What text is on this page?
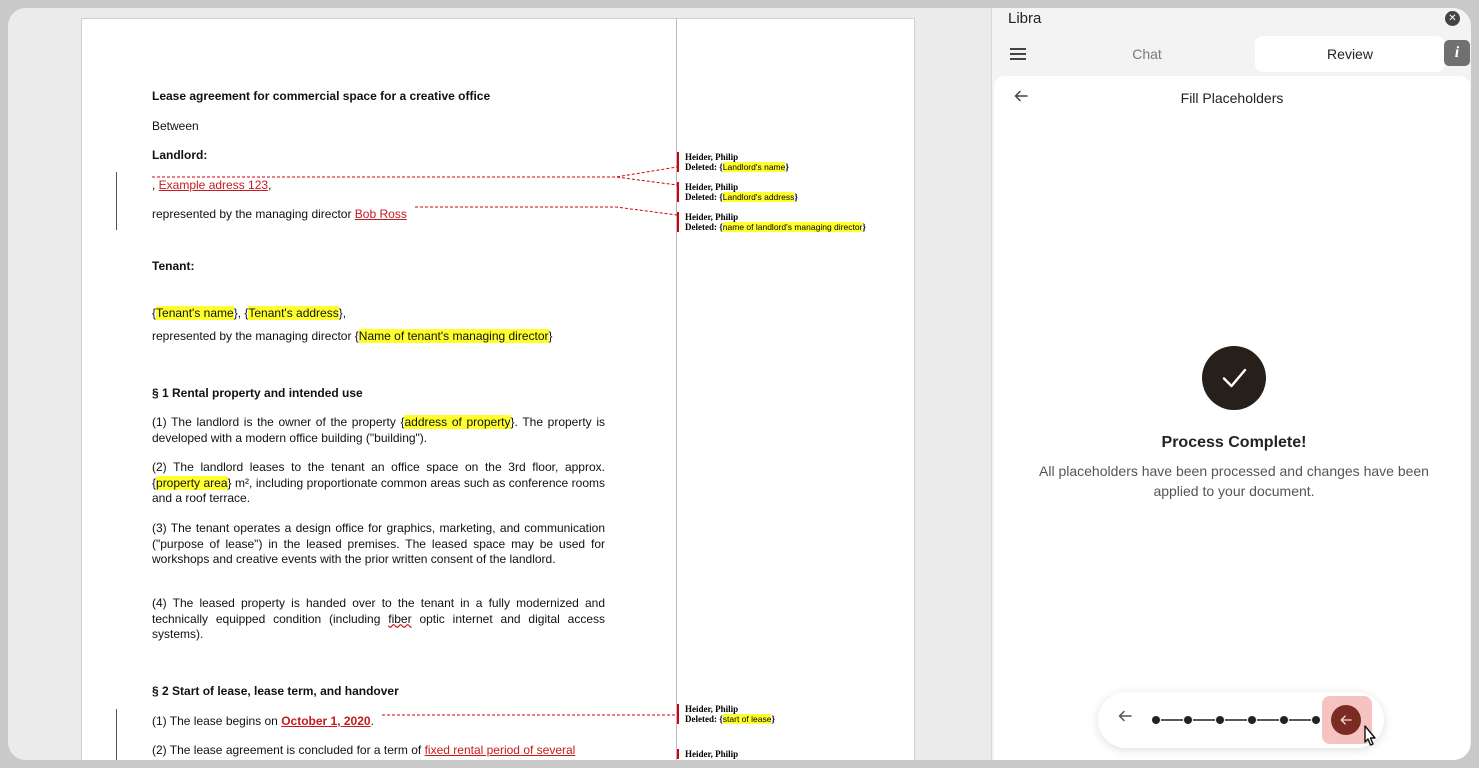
Lease agreement for commercial space for a creative office
Between
Landlord:
, Example adress 123,
represented by the managing director Bob Ross
Tenant:
{Tenant's name}, {Tenant's address},
represented by the managing director {Name of tenant's managing director}
§ 1 Rental property and intended use
(1) The landlord is the owner of the property {address of property}. The property is developed with a modern office building ("building").
(2) The landlord leases to the tenant an office space on the 3rd floor, approx. {property area} m², including proportionate common areas such as conference rooms and a roof terrace.
(3) The tenant operates a design office for graphics, marketing, and communication ("purpose of lease") in the leased premises. The leased space may be used for workshops and creative events with the prior written consent of the landlord.
(4) The leased property is handed over to the tenant in a fully modernized and technically equipped condition (including fiber optic internet and digital access systems).
§ 2 Start of lease, lease term, and handover
(1) The lease begins on October 1, 2020.
(2) The lease agreement is concluded for a term of fixed rental period of several
Heider, Philip
Deleted: {Landlord's name}
Heider, Philip
Deleted: {Landlord's address}
Heider, Philip
Deleted: {name of landlord's managing director}
Heider, Philip
Deleted: {start of lease}
Heider, Philip
Libra	✕
Chat	Review	i
Fill Placeholders
Process Complete!
All placeholders have been processed and changes have been applied to your document.
